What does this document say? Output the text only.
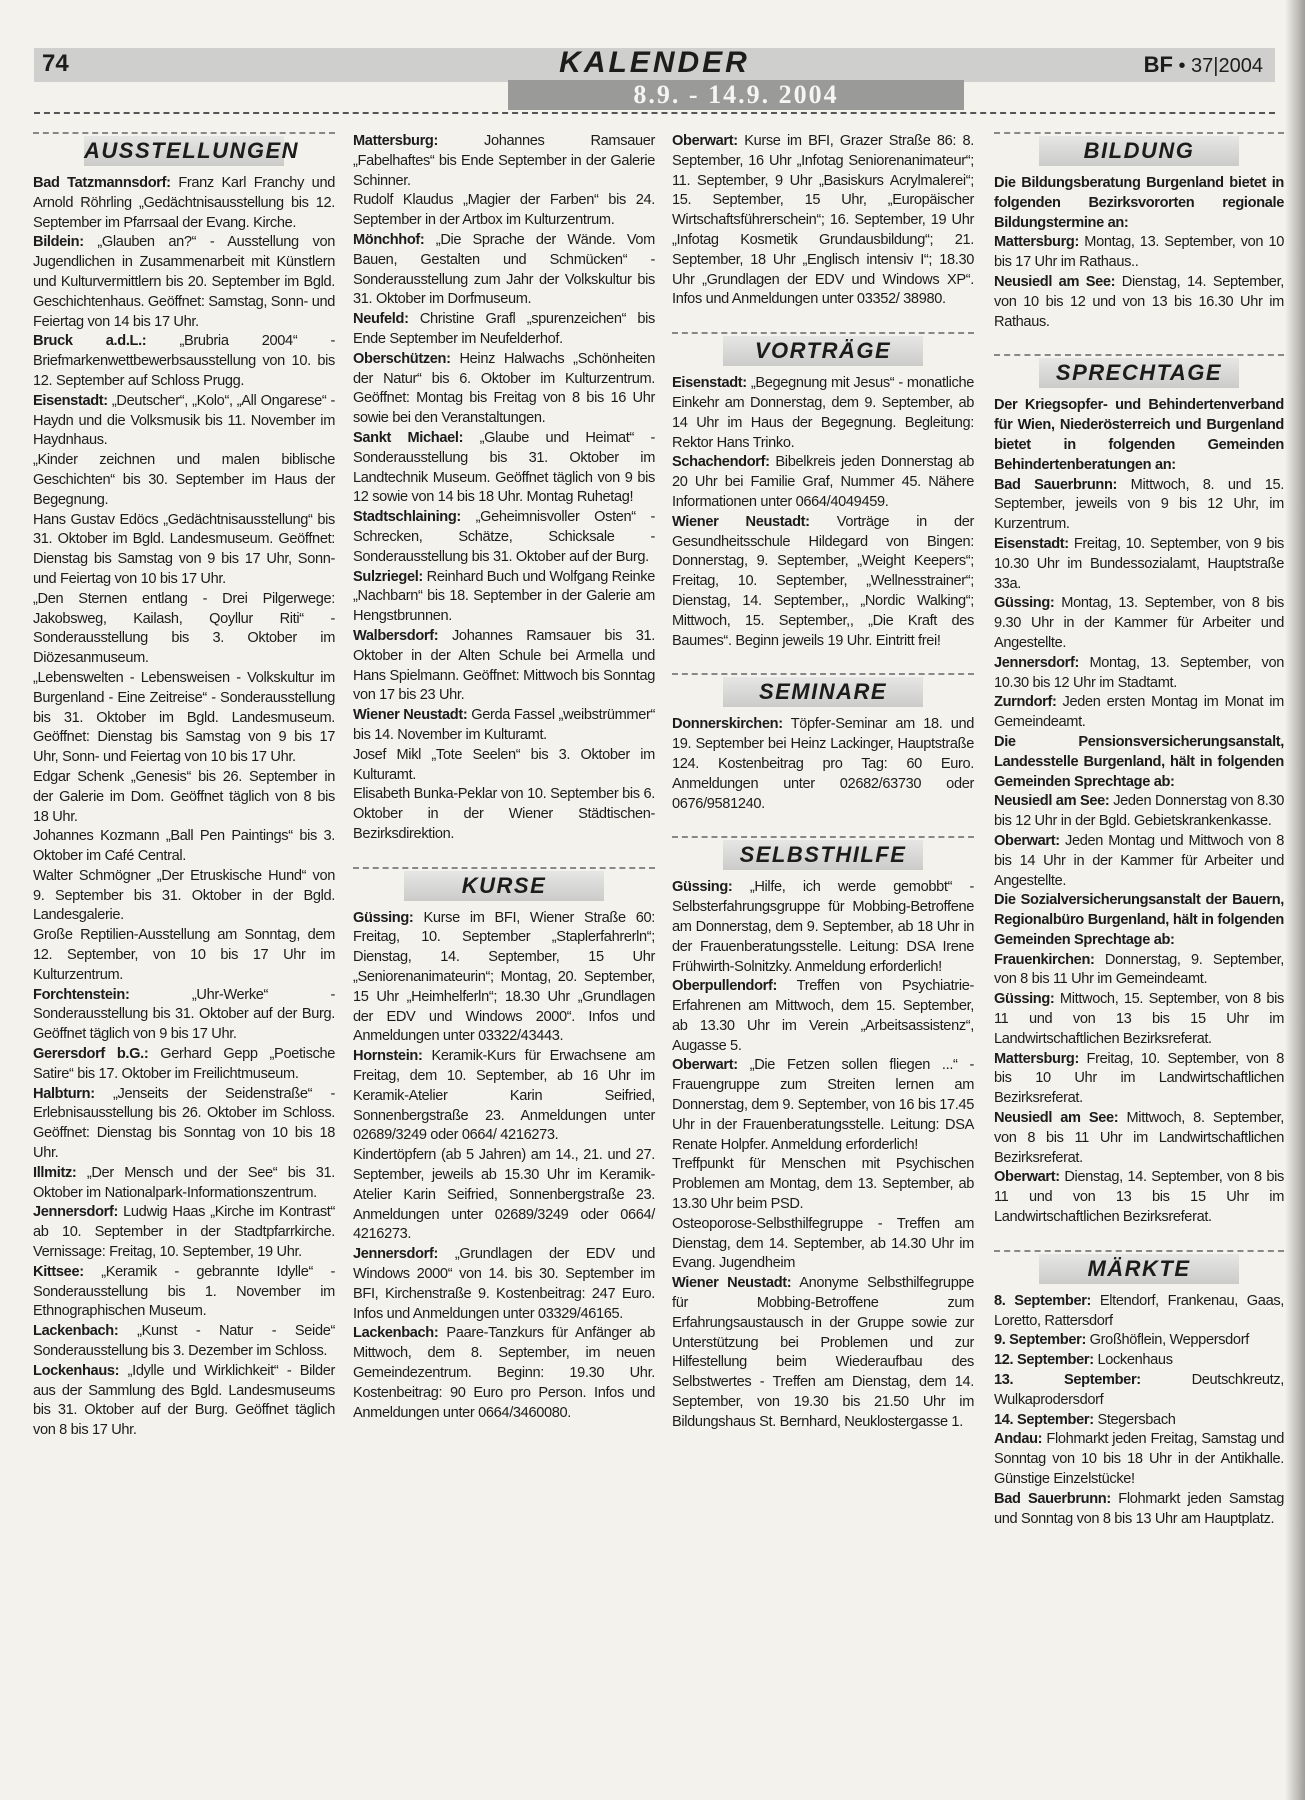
74	KALENDER	BF • 37|2004
8.9. - 14.9. 2004
AUSSTELLUNGEN

Bad Tatzmannsdorf: Franz Karl Franchy und Arnold Röhrling „Gedächtnisausstellung bis 12. September im Pfarrsaal der Evang. Kirche.

Bildein: „Glauben an?“ - Ausstellung von Jugendlichen in Zusammenarbeit mit Künstlern und Kulturvermittlern bis 20. September im Bgld. Geschichtenhaus. Geöffnet: Samstag, Sonn- und Feiertag von 14 bis 17 Uhr.

Bruck a.d.L.: „Brubria 2004“ - Briefmarkenwettbewerbsausstellung von 10. bis 12. September auf Schloss Prugg.

Eisenstadt: „Deutscher“, „Kolo“, „All Ongarese“ - Haydn und die Volksmusik bis 11. November im Haydnhaus.

„Kinder zeichnen und malen biblische Geschichten“ bis 30. September im Haus der Begegnung.

Hans Gustav Edöcs „Gedächtnisausstellung“ bis 31. Oktober im Bgld. Landesmuseum. Geöffnet: Dienstag bis Samstag von 9 bis 17 Uhr, Sonn- und Feiertag von 10 bis 17 Uhr.

„Den Sternen entlang - Drei Pilgerwege: Jakobsweg, Kailash, Qoyllur Riti“ - Sonderausstellung bis 3. Oktober im Diözesanmuseum.

„Lebenswelten - Lebensweisen - Volkskultur im Burgenland - Eine Zeitreise“ - Sonderausstellung bis 31. Oktober im Bgld. Landesmuseum. Geöffnet: Dienstag bis Samstag von 9 bis 17 Uhr, Sonn- und Feiertag von 10 bis 17 Uhr.

Edgar Schenk „Genesis“ bis 26. September in der Galerie im Dom. Geöffnet täglich von 8 bis 18 Uhr.

Johannes Kozmann „Ball Pen Paintings“ bis 3. Oktober im Café Central.

Walter Schmögner „Der Etruskische Hund“ von 9. September bis 31. Oktober in der Bgld. Landesgalerie.

Große Reptilien-Ausstellung am Sonntag, dem 12. September, von 10 bis 17 Uhr im Kulturzentrum.

Forchtenstein: „Uhr-Werke“ - Sonderausstellung bis 31. Oktober auf der Burg. Geöffnet täglich von 9 bis 17 Uhr.

Gerersdorf b.G.: Gerhard Gepp „Poetische Satire“ bis 17. Oktober im Freilichtmuseum.

Halbturn: „Jenseits der Seidenstraße“ - Erlebnisausstellung bis 26. Oktober im Schloss. Geöffnet: Dienstag bis Sonntag von 10 bis 18 Uhr.

Illmitz: „Der Mensch und der See“ bis 31. Oktober im Nationalpark-Informationszentrum.

Jennersdorf: Ludwig Haas „Kirche im Kontrast“ ab 10. September in der Stadtpfarrkirche. Vernissage: Freitag, 10. September, 19 Uhr.

Kittsee: „Keramik - gebrannte Idylle“ - Sonderausstellung bis 1. November im Ethnographischen Museum.

Lackenbach: „Kunst - Natur - Seide“ Sonderausstellung bis 3. Dezember im Schloss.

Lockenhaus: „Idylle und Wirklichkeit“ - Bilder aus der Sammlung des Bgld. Landesmuseums bis 31. Oktober auf der Burg. Geöffnet täglich von 8 bis 17 Uhr.

Mattersburg: Johannes Ramsauer „Fabelhaftes“ bis Ende September in der Galerie Schinner.

Rudolf Klaudus „Magier der Farben“ bis 24. September in der Artbox im Kulturzentrum.

Mönchhof: „Die Sprache der Wände. Vom Bauen, Gestalten und Schmücken“ - Sonderausstellung zum Jahr der Volkskultur bis 31. Oktober im Dorfmuseum.

Neufeld: Christine Grafl „spurenzeichen“ bis Ende September im Neufelderhof.

Oberschützen: Heinz Halwachs „Schönheiten der Natur“ bis 6. Oktober im Kulturzentrum. Geöffnet: Montag bis Freitag von 8 bis 16 Uhr sowie bei den Veranstaltungen.

Sankt Michael: „Glaube und Heimat“ - Sonderausstellung bis 31. Oktober im Landtechnik Museum. Geöffnet täglich von 9 bis 12 sowie von 14 bis 18 Uhr. Montag Ruhetag!

Stadtschlaining: „Geheimnisvoller Osten“ - Schrecken, Schätze, Schicksale - Sonderausstellung bis 31. Oktober auf der Burg.

Sulzriegel: Reinhard Buch und Wolfgang Reinke „Nachbarn“ bis 18. September in der Galerie am Hengstbrunnen.

Walbersdorf: Johannes Ramsauer bis 31. Oktober in der Alten Schule bei Armella und Hans Spielmann. Geöffnet: Mittwoch bis Sonntag von 17 bis 23 Uhr.

Wiener Neustadt: Gerda Fassel „weibstrümmer“ bis 14. November im Kulturamt.

Josef Mikl „Tote Seelen“ bis 3. Oktober im Kulturamt.

Elisabeth Bunka-Peklar von 10. September bis 6. Oktober in der Wiener Städtischen-Bezirksdirektion.

KURSE

Güssing: Kurse im BFI, Wiener Straße 60: Freitag, 10. September „Staplerfahrerln“; Dienstag, 14. September, 15 Uhr „Seniorenanimateurin“; Montag, 20. September, 15 Uhr „Heimhelferln“; 18.30 Uhr „Grundlagen der EDV und Windows 2000“. Infos und Anmeldungen unter 03322/43443.

Hornstein: Keramik-Kurs für Erwachsene am Freitag, dem 10. September, ab 16 Uhr im Keramik-Atelier Karin Seifried, Sonnenbergstraße 23. Anmeldungen unter 02689/3249 oder 0664/ 4216273.

Kindertöpfern (ab 5 Jahren) am 14., 21. und 27. September, jeweils ab 15.30 Uhr im Keramik-Atelier Karin Seifried, Sonnenbergstraße 23. Anmeldungen unter 02689/3249 oder 0664/ 4216273.

Jennersdorf: „Grundlagen der EDV und Windows 2000“ von 14. bis 30. September im BFI, Kirchenstraße 9. Kostenbeitrag: 247 Euro. Infos und Anmeldungen unter 03329/46165.

Lackenbach: Paare-Tanzkurs für Anfänger ab Mittwoch, dem 8. September, im neuen Gemeindezentrum. Beginn: 19.30 Uhr. Kostenbeitrag: 90 Euro pro Person. Infos und Anmeldungen unter 0664/3460080.

Oberwart: Kurse im BFI, Grazer Straße 86: 8. September, 16 Uhr „Infotag Seniorenanimateur“; 11. September, 9 Uhr „Basiskurs Acrylmalerei“; 15. September, 15 Uhr, „Europäischer Wirtschaftsführerschein“; 16. September, 19 Uhr „Infotag Kosmetik Grundausbildung“; 21. September, 18 Uhr „Englisch intensiv I“; 18.30 Uhr „Grundlagen der EDV und Windows XP“. Infos und Anmeldungen unter 03352/ 38980.

VORTRÄGE

Eisenstadt: „Begegnung mit Jesus“ - monatliche Einkehr am Donnerstag, dem 9. September, ab 14 Uhr im Haus der Begegnung. Begleitung: Rektor Hans Trinko.

Schachendorf: Bibelkreis jeden Donnerstag ab 20 Uhr bei Familie Graf, Nummer 45. Nähere Informationen unter 0664/4049459.

Wiener Neustadt: Vorträge in der Gesundheitsschule Hildegard von Bingen: Donnerstag, 9. September, „Weight Keepers“; Freitag, 10. September, „Wellnesstrainer“; Dienstag, 14. September,, „Nordic Walking“; Mittwoch, 15. September,, „Die Kraft des Baumes“. Beginn jeweils 19 Uhr. Eintritt frei!

SEMINARE

Donnerskirchen: Töpfer-Seminar am 18. und 19. September bei Heinz Lackinger, Hauptstraße 124. Kostenbeitrag pro Tag: 60 Euro. Anmeldungen unter 02682/63730 oder 0676/9581240.

SELBSTHILFE

Güssing: „Hilfe, ich werde gemobbt“ - Selbsterfahrungsgruppe für Mobbing-Betroffene am Donnerstag, dem 9. September, ab 18 Uhr in der Frauenberatungsstelle. Leitung: DSA Irene Frühwirth-Solnitzky. Anmeldung erforderlich!

Oberpullendorf: Treffen von Psychiatrie-Erfahrenen am Mittwoch, dem 15. September, ab 13.30 Uhr im Verein „Arbeitsassistenz“, Augasse 5.

Oberwart: „Die Fetzen sollen fliegen ...“ - Frauengruppe zum Streiten lernen am Donnerstag, dem 9. September, von 16 bis 17.45 Uhr in der Frauenberatungsstelle. Leitung: DSA Renate Holpfer. Anmeldung erforderlich!

Treffpunkt für Menschen mit Psychischen Problemen am Montag, dem 13. September, ab 13.30 Uhr beim PSD.

Osteoporose-Selbsthilfegruppe - Treffen am Dienstag, dem 14. September, ab 14.30 Uhr im Evang. Jugendheim

Wiener Neustadt: Anonyme Selbsthilfegruppe für Mobbing-Betroffene zum Erfahrungsaustausch in der Gruppe sowie zur Unterstützung bei Problemen und zur Hilfestellung beim Wiederaufbau des Selbstwertes - Treffen am Dienstag, dem 14. September, von 19.30 bis 21.50 Uhr im Bildungshaus St. Bernhard, Neuklostergasse 1.

BILDUNG

Die Bildungsberatung Burgenland bietet in folgenden Bezirksvororten regionale Bildungstermine an:

Mattersburg: Montag, 13. September, von 10 bis 17 Uhr im Rathaus..

Neusiedl am See: Dienstag, 14. September, von 10 bis 12 und von 13 bis 16.30 Uhr im Rathaus.

SPRECHTAGE

Der Kriegsopfer- und Behindertenverband für Wien, Niederösterreich und Burgenland bietet in folgenden Gemeinden Behindertenberatungen an:

Bad Sauerbrunn: Mittwoch, 8. und 15. September, jeweils von 9 bis 12 Uhr, im Kurzentrum.

Eisenstadt: Freitag, 10. September, von 9 bis 10.30 Uhr im Bundessozialamt, Hauptstraße 33a.

Güssing: Montag, 13. September, von 8 bis 9.30 Uhr in der Kammer für Arbeiter und Angestellte.

Jennersdorf: Montag, 13. September, von 10.30 bis 12 Uhr im Stadtamt.

Zurndorf: Jeden ersten Montag im Monat im Gemeindeamt.

Die Pensionsversicherungsanstalt, Landesstelle Burgenland, hält in folgenden Gemeinden Sprechtage ab:

Neusiedl am See: Jeden Donnerstag von 8.30 bis 12 Uhr in der Bgld. Gebietskrankenkasse.

Oberwart: Jeden Montag und Mittwoch von 8 bis 14 Uhr in der Kammer für Arbeiter und Angestellte.

Die Sozialversicherungsanstalt der Bauern, Regionalbüro Burgenland, hält in folgenden Gemeinden Sprechtage ab:

Frauenkirchen: Donnerstag, 9. September, von 8 bis 11 Uhr im Gemeindeamt.

Güssing: Mittwoch, 15. September, von 8 bis 11 und von 13 bis 15 Uhr im Landwirtschaftlichen Bezirksreferat.

Mattersburg: Freitag, 10. September, von 8 bis 10 Uhr im Landwirtschaftlichen Bezirksreferat.

Neusiedl am See: Mittwoch, 8. September, von 8 bis 11 Uhr im Landwirtschaftlichen Bezirksreferat.

Oberwart: Dienstag, 14. September, von 8 bis 11 und von 13 bis 15 Uhr im Landwirtschaftlichen Bezirksreferat.

MÄRKTE

8. September: Eltendorf, Frankenau, Gaas, Loretto, Rattersdorf

9. September: Großhöflein, Weppersdorf

12. September: Lockenhaus

13. September: Deutschkreutz, Wulkaprodersdorf

14. September: Stegersbach

Andau: Flohmarkt jeden Freitag, Samstag und Sonntag von 10 bis 18 Uhr in der Antikhalle. Günstige Einzelstücke!

Bad Sauerbrunn: Flohmarkt jeden Samstag und Sonntag von 8 bis 13 Uhr am Hauptplatz.
